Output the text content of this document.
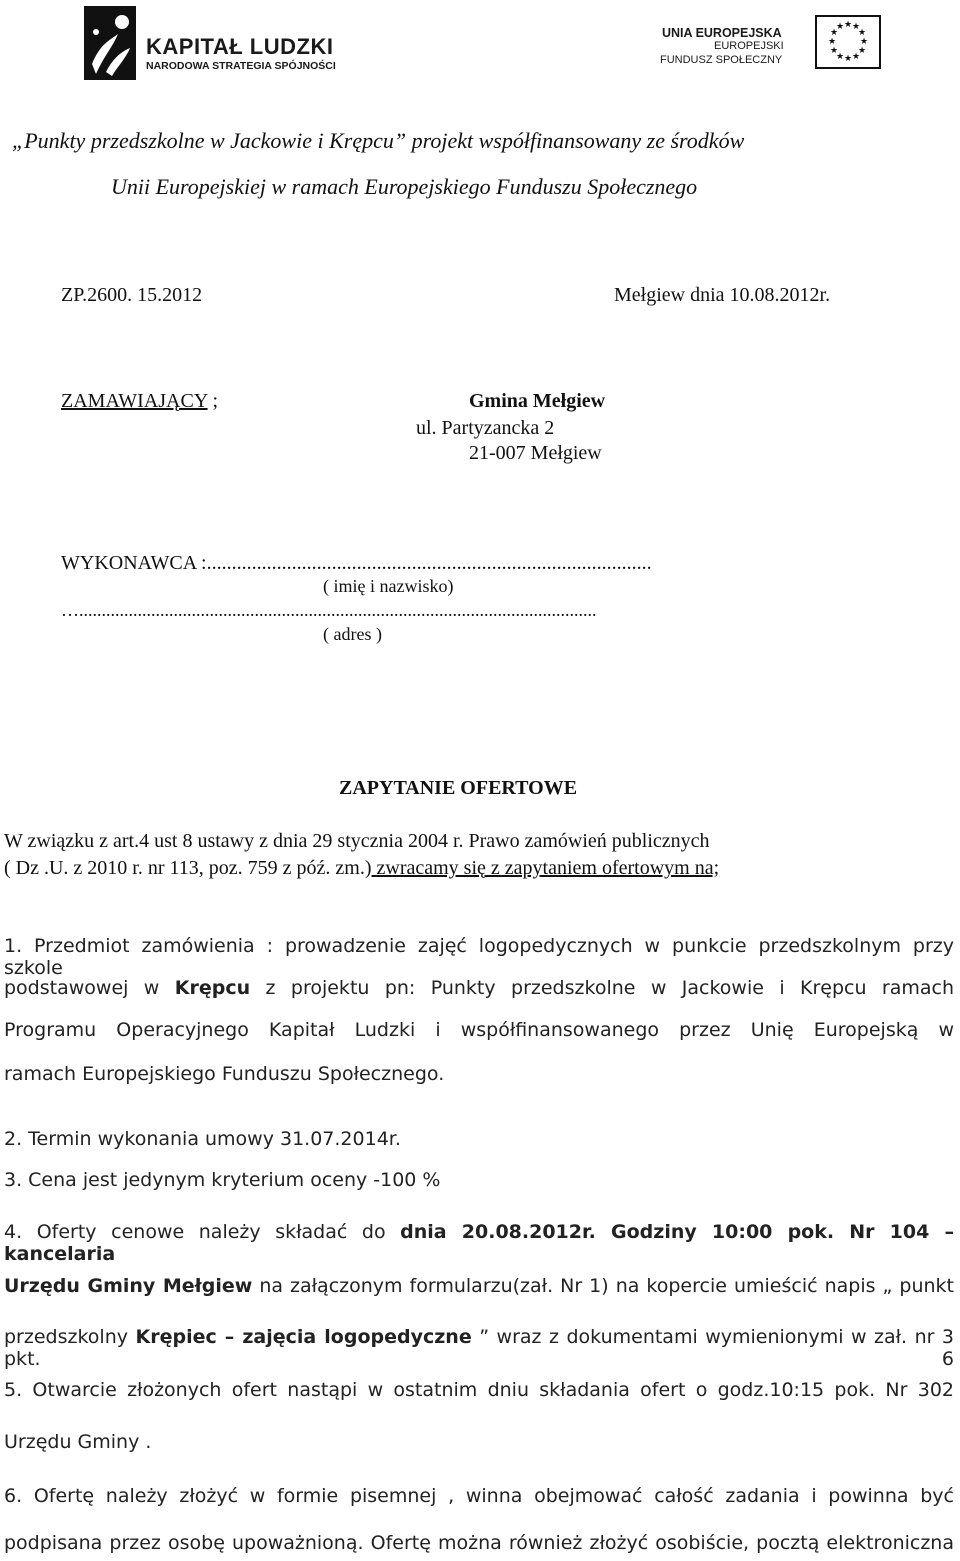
KAPITAŁ LUDZKI
NARODOWA STRATEGIA SPÓJNOŚCI
UNIA EUROPEJSKA
EUROPEJSKI
FUNDUSZ SPOŁECZNY
★ ★
★
★
★
★
★
★
★
★
★
★
„Punkty przedszkolne w Jackowie i Krępcu” projekt współfinansowany ze środków
Unii Europejskiej w ramach Europejskiego Funduszu Społecznego
ZP.2600. 15.2012	Mełgiew dnia 10.08.2012r.
ZAMAWIAJĄCY ;	Gmina Mełgiew
ul. Partyzancka 2
21-007 Mełgiew
WYKONAWCA :.........................................................................................
( imię i nazwisko)
…...................................................................................................................
( adres )
ZAPYTANIE OFERTOWE
W związku z art.4 ust 8 ustawy z dnia 29 stycznia 2004 r. Prawo zamówień publicznych
( Dz .U. z 2010 r. nr 113, poz. 759 z póź. zm.) zwracamy się z zapytaniem ofertowym na;
1. Przedmiot zamówienia : prowadzenie zajęć logopedycznych w punkcie przedszkolnym przy szkole
podstawowej w Krępcu z projektu pn: Punkty przedszkolne w Jackowie i Krępcu ramach
Programu Operacyjnego Kapitał Ludzki i współfinansowanego przez Unię Europejską w
ramach Europejskiego Funduszu Społecznego.
2. Termin wykonania umowy 31.07.2014r.
3. Cena jest jedynym kryterium oceny -100 %
4. Oferty cenowe należy składać do dnia 20.08.2012r. Godziny 10:00 pok. Nr 104 – kancelaria
Urzędu Gminy Mełgiew na załączonym formularzu(zał. Nr 1) na kopercie umieścić napis „ punkt
przedszkolny Krępiec – zajęcia logopedyczne ” wraz z dokumentami wymienionymi w zał. nr 3 pkt. 6
5. Otwarcie złożonych ofert nastąpi w ostatnim dniu składania ofert o godz.10:15 pok. Nr 302
Urzędu Gminy .
6. Ofertę należy złożyć w formie pisemnej , winna obejmować całość zadania i powinna być
podpisana przez osobę upoważnioną. Ofertę można również złożyć osobiście, pocztą elektroniczna
